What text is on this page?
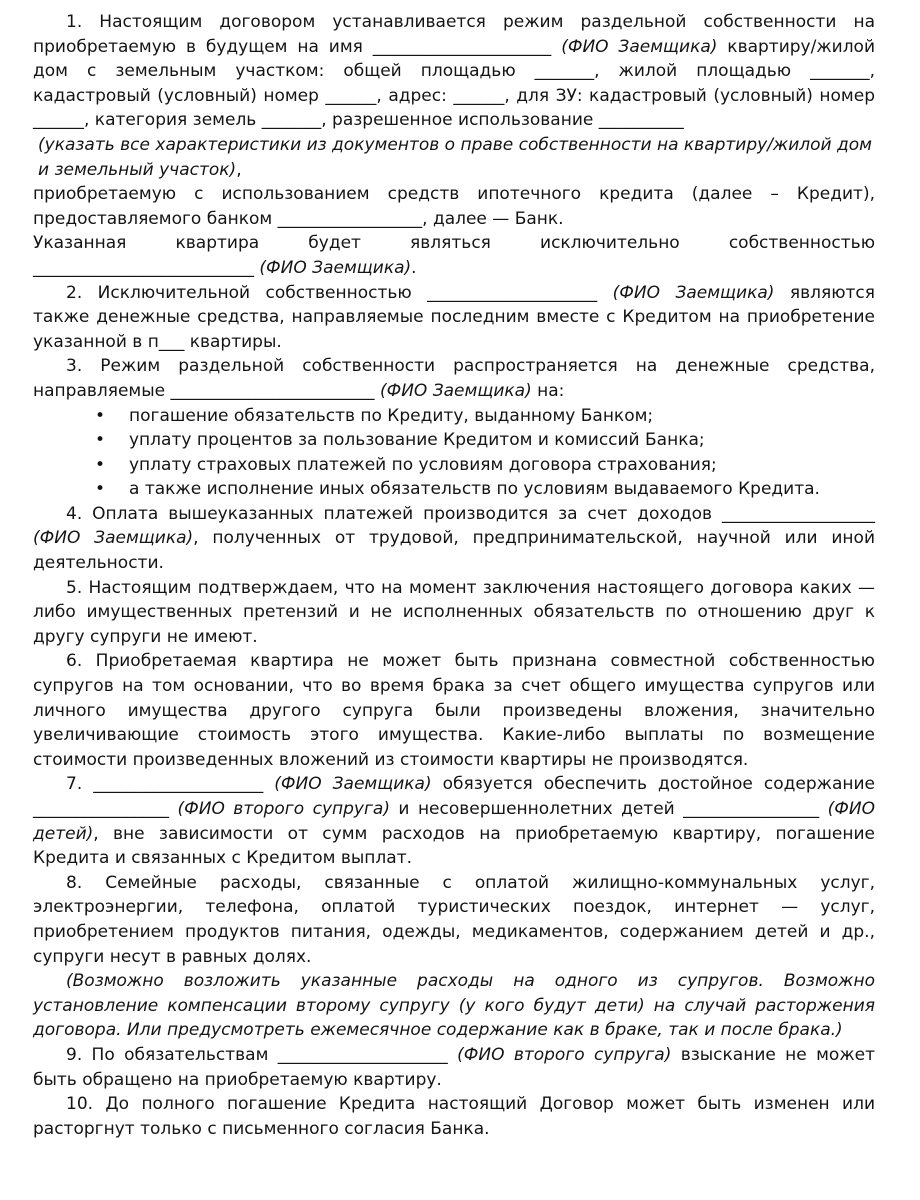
1. Настоящим договором устанавливается режим раздельной собственности на приобретаемую в будущем на имя _____________________ (ФИО Заемщика) квартиру/жилой дом с земельным участком: общей площадью _______, жилой площадью _______, кадастровый (условный) номер ______, адрес: ______, для ЗУ: кадастровый (условный) номер ______, категория земель _______, разрешенное использование __________

(указать все характеристики из документов о праве собственности на квартиру/жилой дом и земельный участок),

приобретаемую с использованием средств ипотечного кредита (далее – Кредит), предоставляемого банком _________________, далее — Банк.

Указанная квартира будет являться исключительно собственностью

__________________________ (ФИО Заемщика).

2. Исключительной собственностью ____________________ (ФИО Заемщика) являются также денежные средства, направляемые последним вместе с Кредитом на приобретение указанной в п___ квартиры.

3. Режим раздельной собственности распространяется на денежные средства, направляемые ________________________ (ФИО Заемщика) на:

• погашение обязательств по Кредиту, выданному Банком;
• уплату процентов за пользование Кредитом и комиссий Банка;
• уплату страховых платежей по условиям договора страхования;
• а также исполнение иных обязательств по условиям выдаваемого Кредита.

4. Оплата вышеуказанных платежей производится за счет доходов __________________ (ФИО Заемщика), полученных от трудовой, предпринимательской, научной или иной деятельности.

5. Настоящим подтверждаем, что на момент заключения настоящего договора каких — либо имущественных претензий и не исполненных обязательств по отношению друг к другу супруги не имеют.

6. Приобретаемая квартира не может быть признана совместной собственностью супругов на том основании, что во время брака за счет общего имущества супругов или личного имущества другого супруга были произведены вложения, значительно увеличивающие стоимость этого имущества. Какие-либо выплаты по возмещение стоимости произведенных вложений из стоимости квартиры не производятся.

7. ____________________ (ФИО Заемщика) обязуется обеспечить достойное содержание ________________ (ФИО второго супруга) и несовершеннолетних детей ________________ (ФИО детей), вне зависимости от сумм расходов на приобретаемую квартиру, погашение Кредита и связанных с Кредитом выплат.

8. Семейные расходы, связанные с оплатой жилищно-коммунальных услуг, электроэнергии, телефона, оплатой туристических поездок, интернет — услуг, приобретением продуктов питания, одежды, медикаментов, содержанием детей и др., супруги несут в равных долях.

(Возможно возложить указанные расходы на одного из супругов. Возможно установление компенсации второму супругу (у кого будут дети) на случай расторжения договора. Или предусмотреть ежемесячное содержание как в браке, так и после брака.)

9. По обязательствам ____________________ (ФИО второго супруга) взыскание не может быть обращено на приобретаемую квартиру.

10. До полного погашение Кредита настоящий Договор может быть изменен или расторгнут только с письменного согласия Банка.
